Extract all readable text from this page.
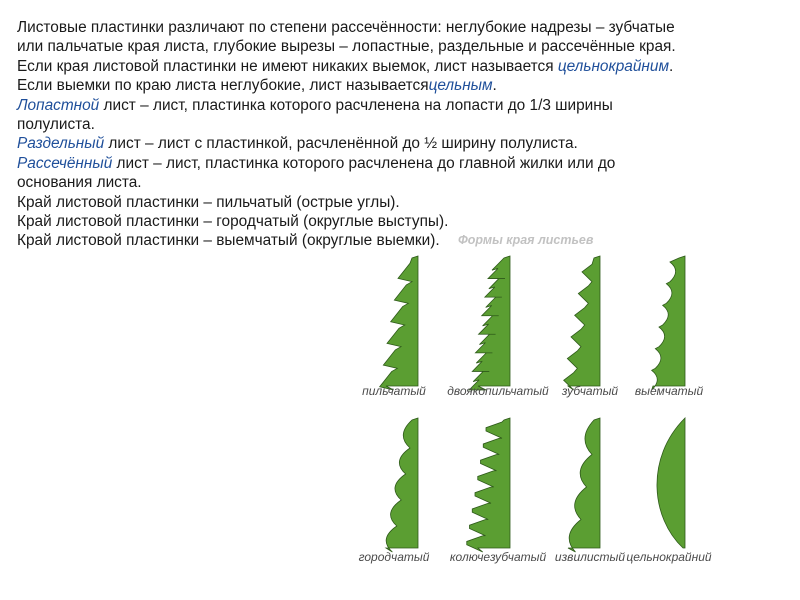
Листовые пластинки различают по степени рассечённости: неглубокие надрезы – зубчатые

или пальчатые края листа, глубокие вырезы – лопастные, раздельные и рассечённые края.

Если края листовой пластинки не имеют никаких выемок, лист называется цельнокрайним.

Если выемки по краю листа неглубокие, лист называетсяцельным.

Лопастной лист – лист, пластинка которого расчленена на лопасти до 1/3 ширины

полулиста.

Раздельный лист – лист с пластинкой, расчленённой до ½ ширину полулиста.

Рассечённый лист – лист, пластинка которого расчленена до главной жилки или до

основания листа.

Край листовой пластинки – пильчатый (острые углы).

Край листовой пластинки – городчатый (округлые выступы).

Край листовой пластинки – выемчатый (округлые выемки).	Формы края листьев
пильчатый двоякопильчатый зубчатый выемчатый
городчатый колючезубчатый извилистый цельнокрайний
